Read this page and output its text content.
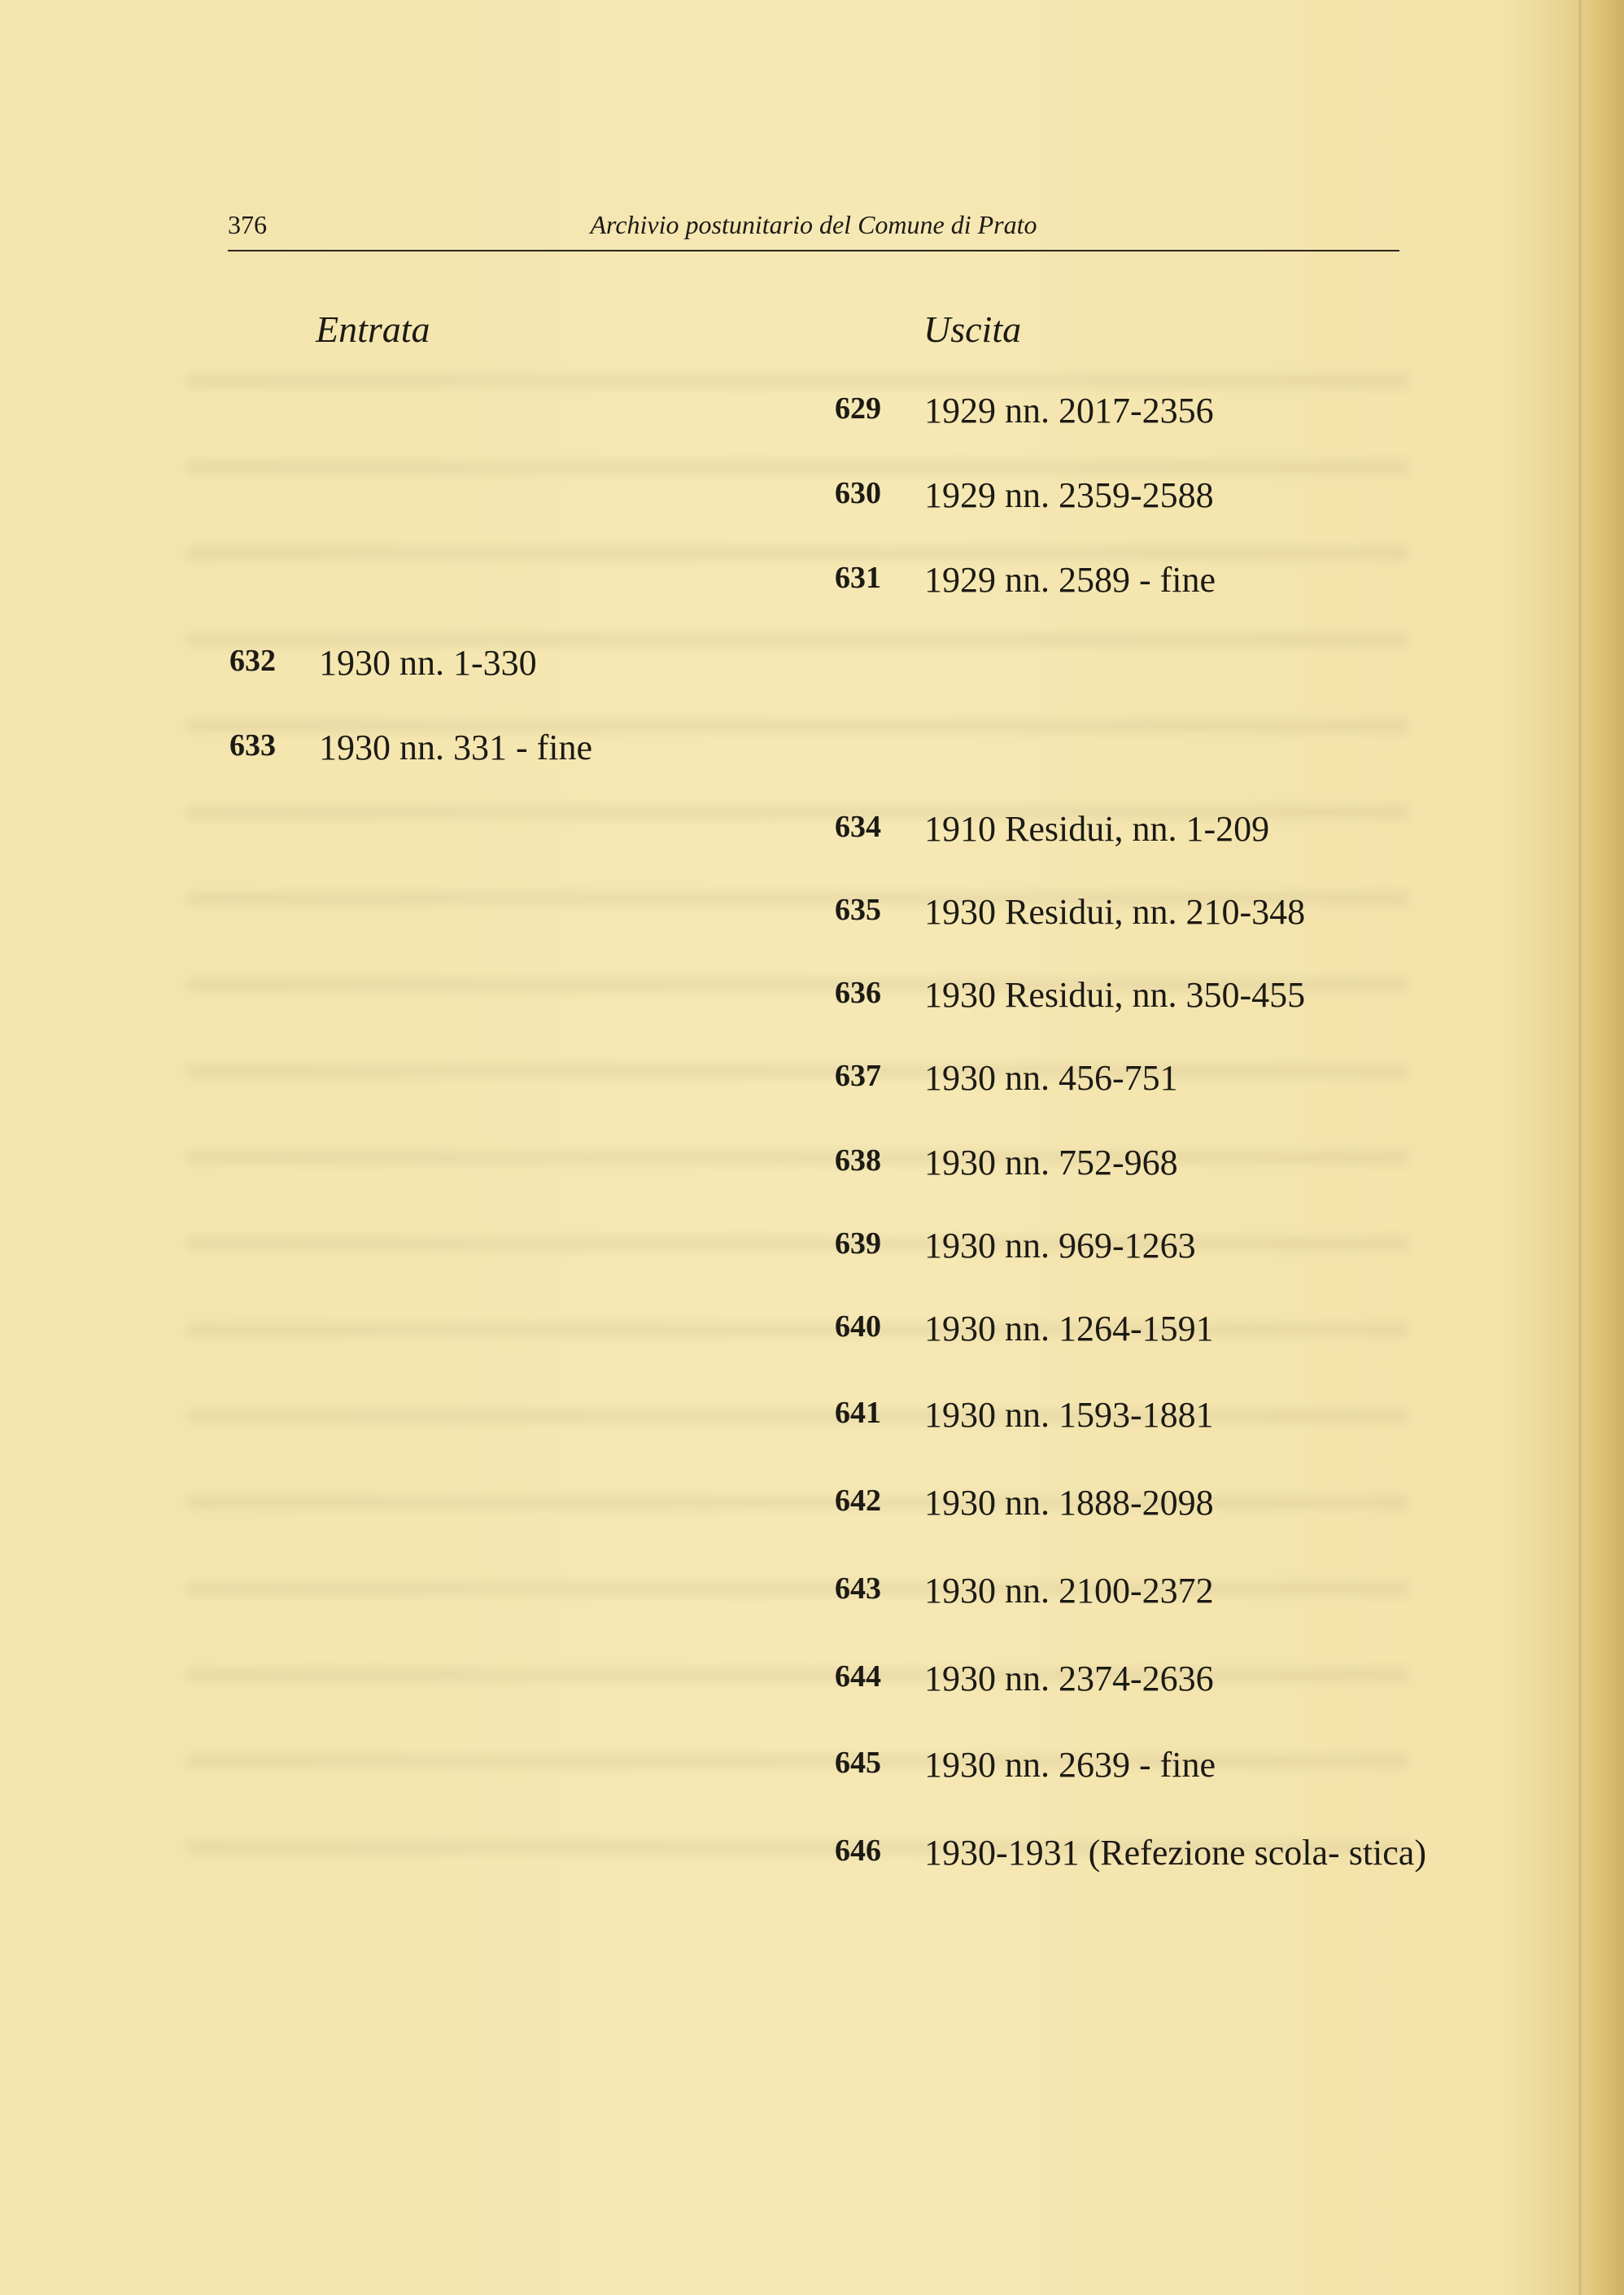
376	Archivio postunitario del Comune di Prato
Entrata	Uscita
632 1930 nn. 1-330
633 1930 nn. 331 - fine
629 1929 nn. 2017-2356
630 1929 nn. 2359-2588
631 1929 nn. 2589 - fine
634 1910 Residui, nn. 1-209
635 1930 Residui, nn. 210-348
636 1930 Residui, nn. 350-455
637 1930 nn. 456-751
638 1930 nn. 752-968
639 1930 nn. 969-1263
640 1930 nn. 1264-1591
641 1930 nn. 1593-1881
642 1930 nn. 1888-2098
643 1930 nn. 2100-2372
644 1930 nn. 2374-2636
645 1930 nn. 2639 - fine
646 1930-1931 (Refezione scola- stica)
